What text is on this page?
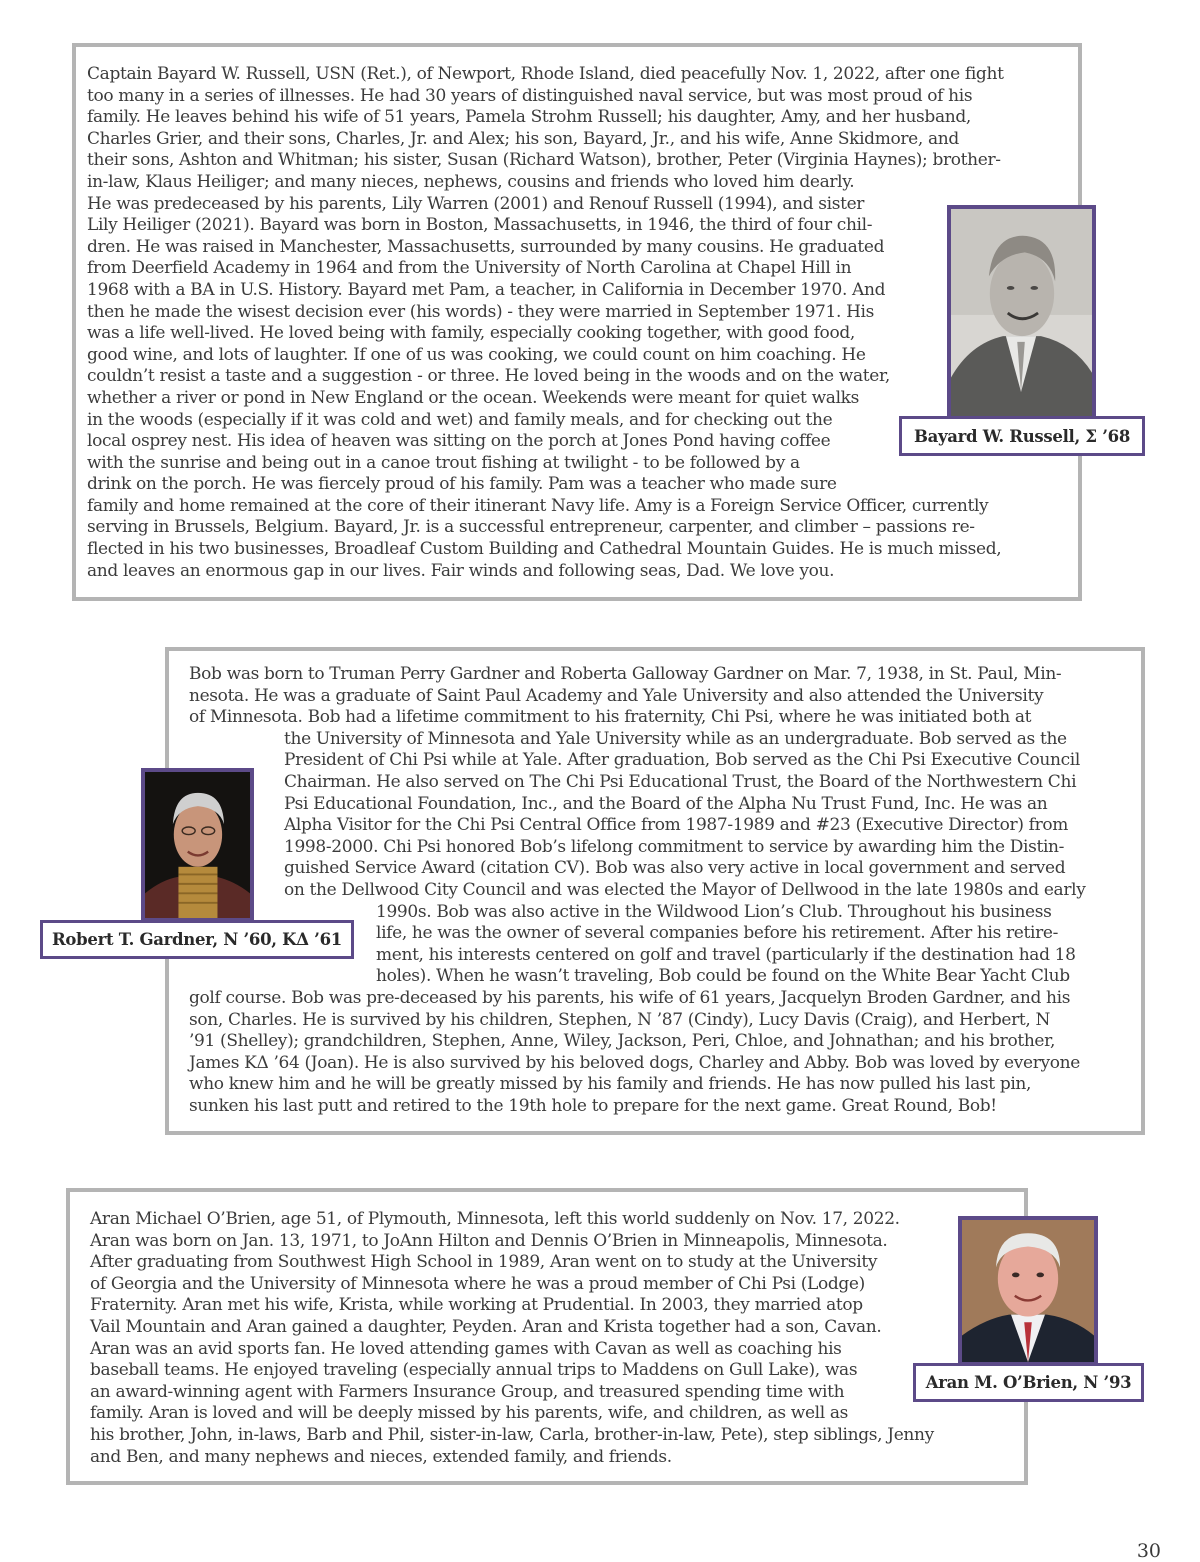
Captain Bayard W. Russell, USN (Ret.), of Newport, Rhode Island, died peacefully Nov. 1, 2022, after one fight
too many in a series of illnesses. He had 30 years of distinguished naval service, but was most proud of his
family. He leaves behind his wife of 51 years, Pamela Strohm Russell; his daughter, Amy, and her husband,
Charles Grier, and their sons, Charles, Jr. and Alex; his son, Bayard, Jr., and his wife, Anne Skidmore, and
their sons, Ashton and Whitman; his sister, Susan (Richard Watson), brother, Peter (Virginia Haynes); brother-
in-law, Klaus Heiliger; and many nieces, nephews, cousins and friends who loved him dearly.
He was predeceased by his parents, Lily Warren (2001) and Renouf Russell (1994), and sister
Lily Heiliger (2021). Bayard was born in Boston, Massachusetts, in 1946, the third of four chil-
dren. He was raised in Manchester, Massachusetts, surrounded by many cousins. He graduated
from Deerfield Academy in 1964 and from the University of North Carolina at Chapel Hill in
1968 with a BA in U.S. History. Bayard met Pam, a teacher, in California in December 1970. And
then he made the wisest decision ever (his words) - they were married in September 1971. His
was a life well-lived. He loved being with family, especially cooking together, with good food,
good wine, and lots of laughter. If one of us was cooking, we could count on him coaching. He
couldn’t resist a taste and a suggestion - or three. He loved being in the woods and on the water,
whether a river or pond in New England or the ocean. Weekends were meant for quiet walks
in the woods (especially if it was cold and wet) and family meals, and for checking out the
local osprey nest. His idea of heaven was sitting on the porch at Jones Pond having coffee
with the sunrise and being out in a canoe trout fishing at twilight - to be followed by a
drink on the porch. He was fiercely proud of his family. Pam was a teacher who made sure
family and home remained at the core of their itinerant Navy life. Amy is a Foreign Service Officer, currently
serving in Brussels, Belgium. Bayard, Jr. is a successful entrepreneur, carpenter, and climber – passions re-
flected in his two businesses, Broadleaf Custom Building and Cathedral Mountain Guides. He is much missed,
and leaves an enormous gap in our lives. Fair winds and following seas, Dad. We love you.
Bayard W. Russell, Σ ’68
Bob was born to Truman Perry Gardner and Roberta Galloway Gardner on Mar. 7, 1938, in St. Paul, Min-
nesota. He was a graduate of Saint Paul Academy and Yale University and also attended the University
of Minnesota. Bob had a lifetime commitment to his fraternity, Chi Psi, where he was initiated both at
the University of Minnesota and Yale University while as an undergraduate. Bob served as the
President of Chi Psi while at Yale. After graduation, Bob served as the Chi Psi Executive Council
Chairman. He also served on The Chi Psi Educational Trust, the Board of the Northwestern Chi
Psi Educational Foundation, Inc., and the Board of the Alpha Nu Trust Fund, Inc. He was an
Alpha Visitor for the Chi Psi Central Office from 1987-1989 and #23 (Executive Director) from
1998-2000. Chi Psi honored Bob’s lifelong commitment to service by awarding him the Distin-
guished Service Award (citation CV). Bob was also very active in local government and served
on the Dellwood City Council and was elected the Mayor of Dellwood in the late 1980s and early
1990s. Bob was also active in the Wildwood Lion’s Club. Throughout his business
life, he was the owner of several companies before his retirement. After his retire-
ment, his interests centered on golf and travel (particularly if the destination had 18
holes). When he wasn’t traveling, Bob could be found on the White Bear Yacht Club
golf course. Bob was pre-deceased by his parents, his wife of 61 years, Jacquelyn Broden Gardner, and his
son, Charles. He is survived by his children, Stephen, N ’87 (Cindy), Lucy Davis (Craig), and Herbert, N
’91 (Shelley); grandchildren, Stephen, Anne, Wiley, Jackson, Peri, Chloe, and Johnathan; and his brother,
James KΔ ’64 (Joan). He is also survived by his beloved dogs, Charley and Abby. Bob was loved by everyone
who knew him and he will be greatly missed by his family and friends. He has now pulled his last pin,
sunken his last putt and retired to the 19th hole to prepare for the next game. Great Round, Bob!
Robert T. Gardner, N ’60, KΔ ’61
Aran Michael O’Brien, age 51, of Plymouth, Minnesota, left this world suddenly on Nov. 17, 2022.
Aran was born on Jan. 13, 1971, to JoAnn Hilton and Dennis O’Brien in Minneapolis, Minnesota.
After graduating from Southwest High School in 1989, Aran went on to study at the University
of Georgia and the University of Minnesota where he was a proud member of Chi Psi (Lodge)
Fraternity. Aran met his wife, Krista, while working at Prudential. In 2003, they married atop
Vail Mountain and Aran gained a daughter, Peyden. Aran and Krista together had a son, Cavan.
Aran was an avid sports fan. He loved attending games with Cavan as well as coaching his
baseball teams. He enjoyed traveling (especially annual trips to Maddens on Gull Lake), was
an award-winning agent with Farmers Insurance Group, and treasured spending time with
family. Aran is loved and will be deeply missed by his parents, wife, and children, as well as
his brother, John, in-laws, Barb and Phil, sister-in-law, Carla, brother-in-law, Pete), step siblings, Jenny
and Ben, and many nephews and nieces, extended family, and friends.
Aran M. O’Brien, N ’93
30
